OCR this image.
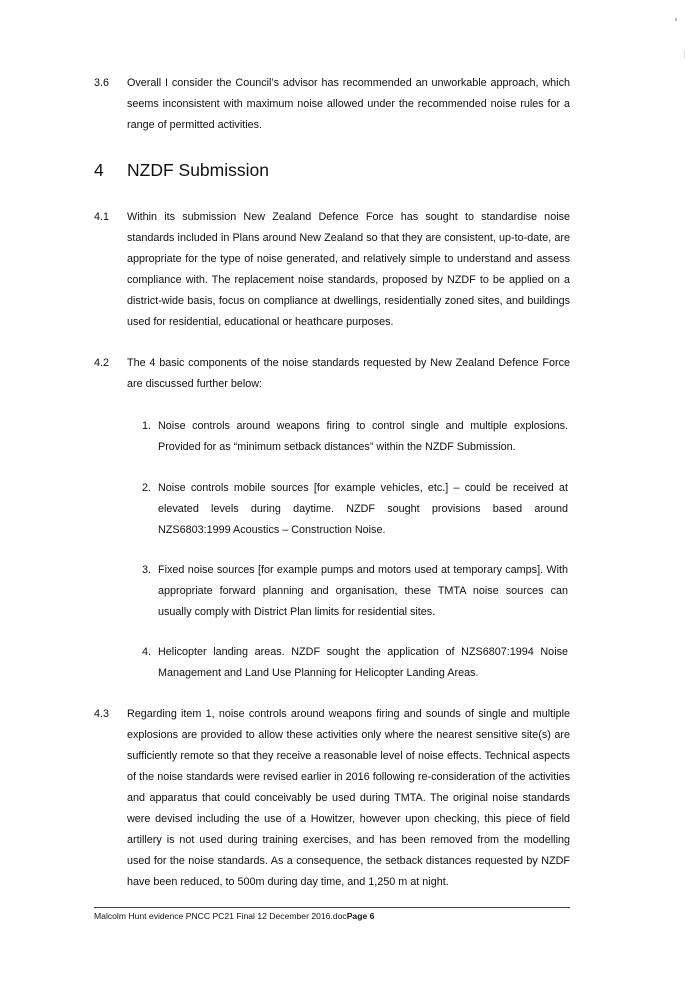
3.6 Overall I consider the Council’s advisor has recommended an unworkable approach, which seems inconsistent with maximum noise allowed under the recommended noise rules for a range of permitted activities.
4 NZDF Submission
4.1 Within its submission New Zealand Defence Force has sought to standardise noise standards included in Plans around New Zealand so that they are consistent, up-to-date, are appropriate for the type of noise generated, and relatively simple to understand and assess compliance with. The replacement noise standards, proposed by NZDF to be applied on a district-wide basis, focus on compliance at dwellings, residentially zoned sites, and buildings used for residential, educational or heathcare purposes.
4.2 The 4 basic components of the noise standards requested by New Zealand Defence Force are discussed further below:
1. Noise controls around weapons firing to control single and multiple explosions. Provided for as “minimum setback distances” within the NZDF Submission.
2. Noise controls mobile sources [for example vehicles, etc.] – could be received at elevated levels during daytime. NZDF sought provisions based around NZS6803:1999 Acoustics – Construction Noise.
3. Fixed noise sources [for example pumps and motors used at temporary camps]. With appropriate forward planning and organisation, these TMTA noise sources can usually comply with District Plan limits for residential sites.
4. Helicopter landing areas. NZDF sought the application of NZS6807:1994 Noise Management and Land Use Planning for Helicopter Landing Areas.
4.3 Regarding item 1, noise controls around weapons firing and sounds of single and multiple explosions are provided to allow these activities only where the nearest sensitive site(s) are sufficiently remote so that they receive a reasonable level of noise effects. Technical aspects of the noise standards were revised earlier in 2016 following re-consideration of the activities and apparatus that could conceivably be used during TMTA. The original noise standards were devised including the use of a Howitzer, however upon checking, this piece of field artillery is not used during training exercises, and has been removed from the modelling used for the noise standards. As a consequence, the setback distances requested by NZDF have been reduced, to 500m during day time, and 1,250 m at night.
Malcolm Hunt evidence PNCC PC21 Final 12 December 2016.docPage 6
